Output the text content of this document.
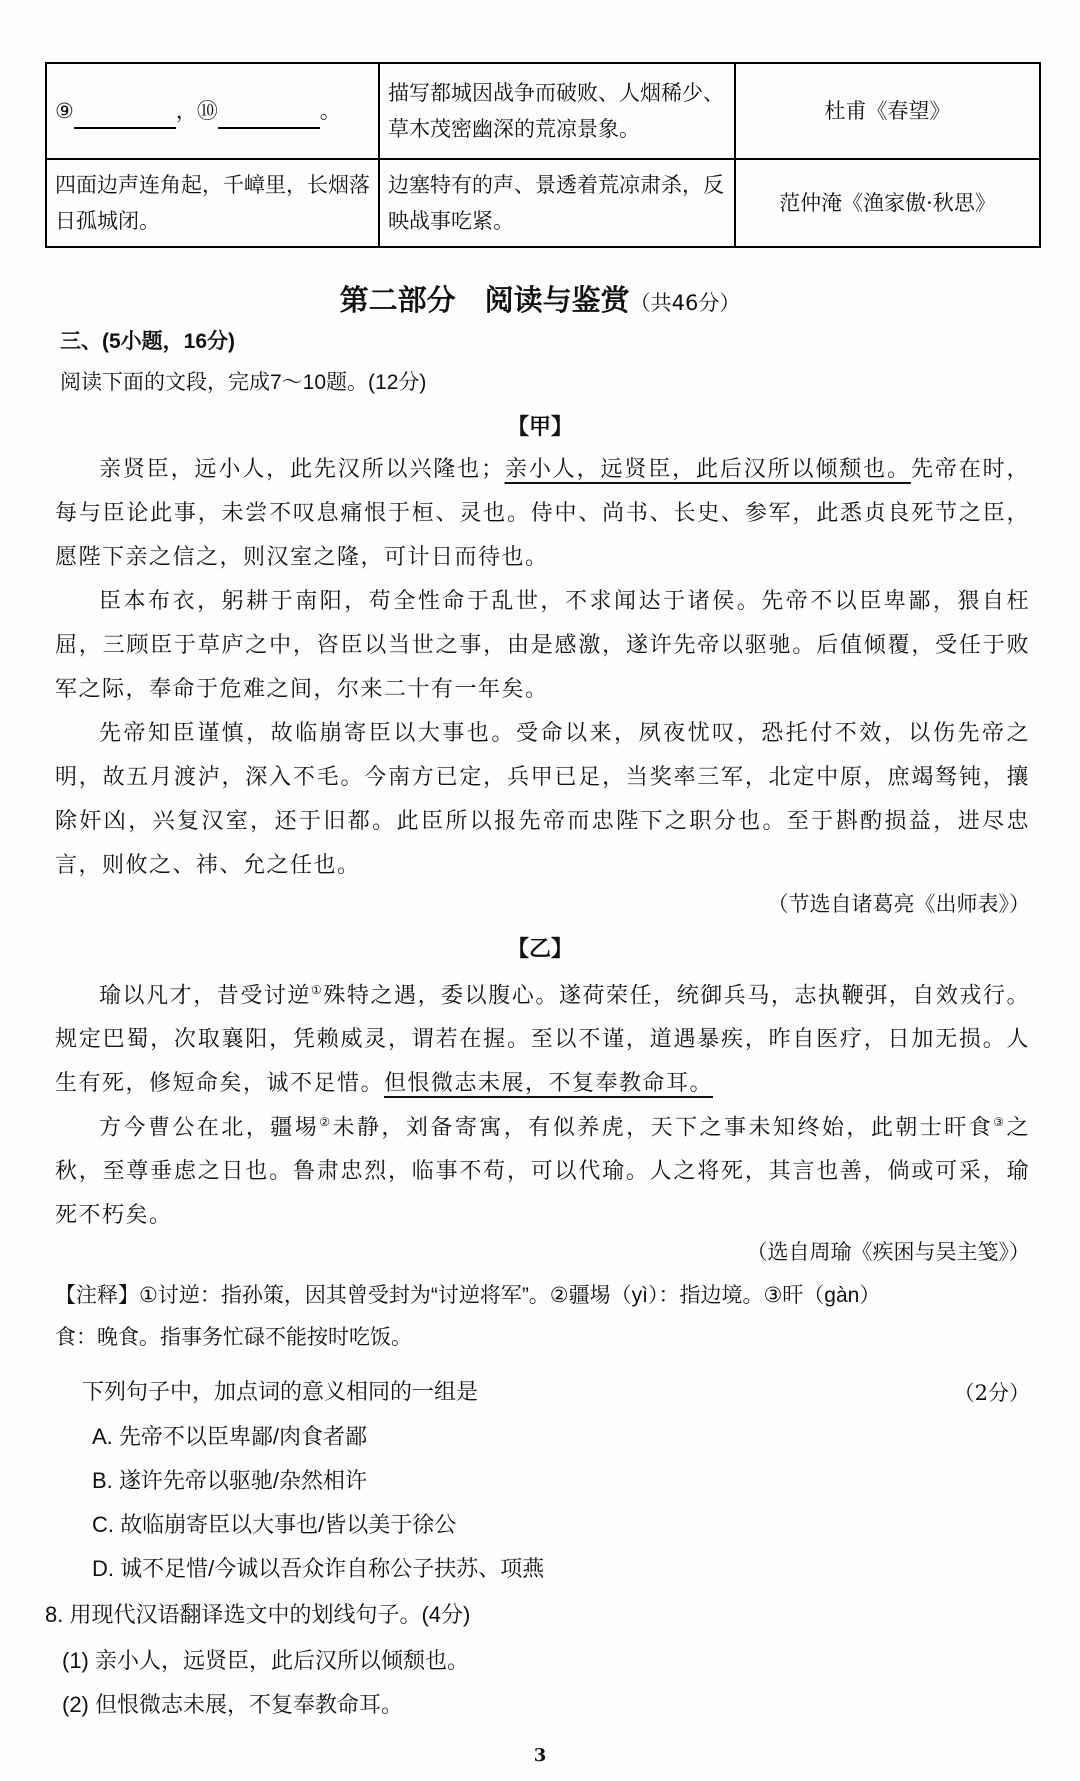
⑨ ，⑩ 。	描写都城因战争而破败、人烟稀少、草木茂密幽深的荒凉景象。	杜甫《春望》
四面边声连角起，千嶂里，长烟落日孤城闭。	边塞特有的声、景透着荒凉肃杀，反映战事吃紧。	范仲淹《渔家傲·秋思》
第二部分　阅读与鉴赏（共46分）
三、(5小题，16分)
阅读下面的文段，完成7～10题。(12分)
【甲】
亲贤臣，远小人，此先汉所以兴隆也；亲小人，远贤臣，此后汉所以倾颓也。先帝在时，每与臣论此事，未尝不叹息痛恨于桓、灵也。侍中、尚书、长史、参军，此悉贞良死节之臣，愿陛下亲之信之，则汉室之隆，可计日而待也。
臣本布衣，躬耕于南阳，苟全性命于乱世，不求闻达于诸侯。先帝不以臣卑鄙，猥自枉屈，三顾臣于草庐之中，咨臣以当世之事，由是感激，遂许先帝以驱驰。后值倾覆，受任于败军之际，奉命于危难之间，尔来二十有一年矣。
先帝知臣谨慎，故临崩寄臣以大事也。受命以来，夙夜忧叹，恐托付不效，以伤先帝之明，故五月渡泸，深入不毛。今南方已定，兵甲已足，当奖率三军，北定中原，庶竭驽钝，攘除奸凶，兴复汉室，还于旧都。此臣所以报先帝而忠陛下之职分也。至于斟酌损益，进尽忠言，则攸之、祎、允之任也。
（节选自诸葛亮《出师表》）
【乙】
瑜以凡才，昔受讨逆①殊特之遇，委以腹心。遂荷荣任，统御兵马，志执鞭弭，自效戎行。规定巴蜀，次取襄阳，凭赖威灵，谓若在握。至以不谨，道遇暴疾，昨自医疗，日加无损。人生有死，修短命矣，诚不足惜。但恨微志未展，不复奉教命耳。
方今曹公在北，疆埸②未静，刘备寄寓，有似养虎，天下之事未知终始，此朝士旰食③之秋，至尊垂虑之日也。鲁肃忠烈，临事不苟，可以代瑜。人之将死，其言也善，倘或可采，瑜死不朽矣。
（选自周瑜《疾困与吴主笺》）
【注释】①讨逆：指孙策，因其曾受封为“讨逆将军”。②疆埸（yì）：指边境。③旰（gàn）
食：晚食。指事务忙碌不能按时吃饭。
下列句子中，加点词的意义相同的一组是	（2分）
A. 先帝不以臣卑鄙/肉食者鄙
B. 遂许先帝以驱驰/杂然相许
C. 故临崩寄臣以大事也/皆以美于徐公
D. 诚不足惜/今诚以吾众诈自称公子扶苏、项燕
8. 用现代汉语翻译选文中的划线句子。(4分)
(1) 亲小人，远贤臣，此后汉所以倾颓也。
(2) 但恨微志未展，不复奉教命耳。
3
